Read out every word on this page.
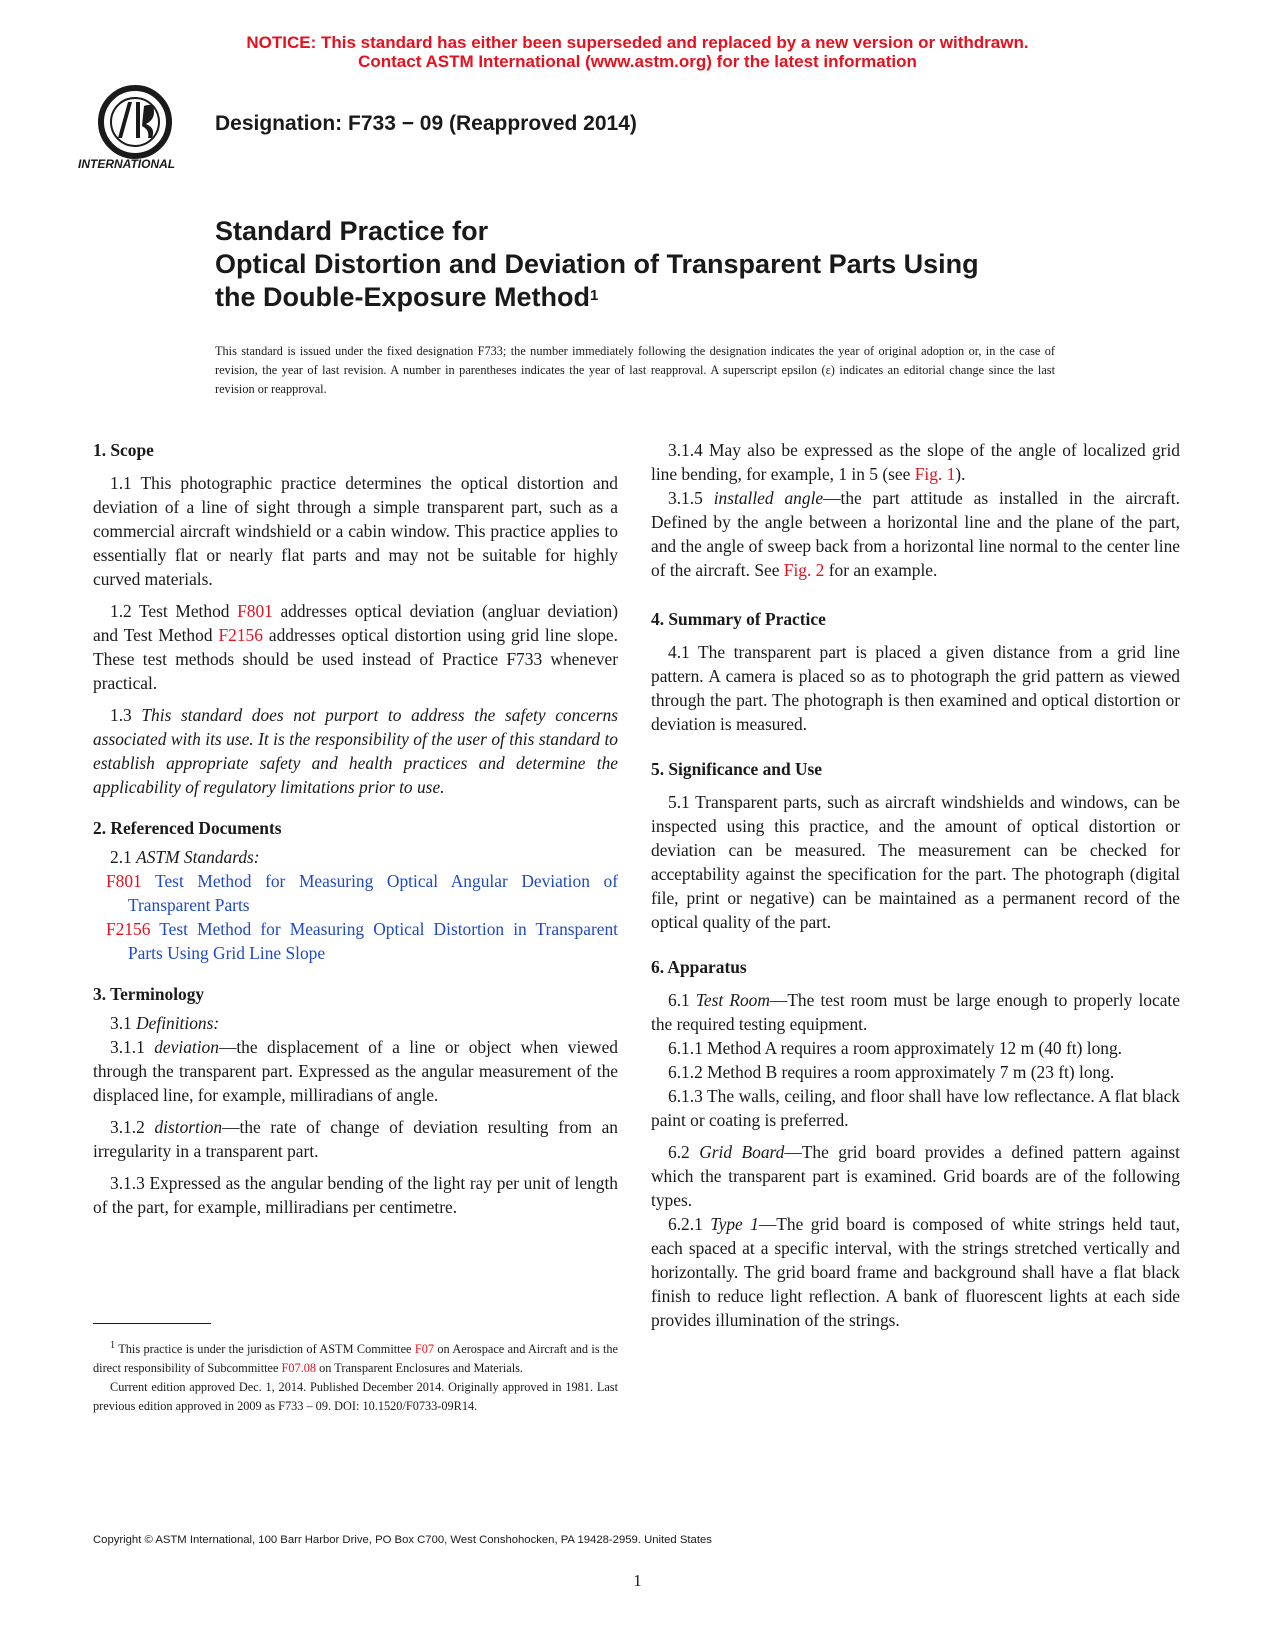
NOTICE: This standard has either been superseded and replaced by a new version or withdrawn.
Contact ASTM International (www.astm.org) for the latest information
INTERNATIONAL
Designation: F733 − 09 (Reapproved 2014)
Standard Practice for
Optical Distortion and Deviation of Transparent Parts Using
the Double-Exposure Method$^1$
This standard is issued under the fixed designation F733; the number immediately following the designation indicates the year of original adoption or, in the case of revision, the year of last revision. A number in parentheses indicates the year of last reapproval. A superscript epsilon (ε) indicates an editorial change since the last revision or reapproval.
1. Scope

1.1 This photographic practice determines the optical distortion and deviation of a line of sight through a simple transparent part, such as a commercial aircraft windshield or a cabin window. This practice applies to essentially flat or nearly flat parts and may not be suitable for highly curved materials.

1.2 Test Method F801 addresses optical deviation (angluar deviation) and Test Method F2156 addresses optical distortion using grid line slope. These test methods should be used instead of Practice F733 whenever practical.

1.3 This standard does not purport to address the safety concerns associated with its use. It is the responsibility of the user of this standard to establish appropriate safety and health practices and determine the applicability of regulatory limitations prior to use.

2. Referenced Documents

2.1 ASTM Standards:

F801 Test Method for Measuring Optical Angular Deviation of Transparent Parts

F2156 Test Method for Measuring Optical Distortion in Transparent Parts Using Grid Line Slope

3. Terminology

3.1 Definitions:

3.1.1 deviation—the displacement of a line or object when viewed through the transparent part. Expressed as the angular measurement of the displaced line, for example, milliradians of angle.

3.1.2 distortion—the rate of change of deviation resulting from an irregularity in a transparent part.

3.1.3 Expressed as the angular bending of the light ray per unit of length of the part, for example, milliradians per centimetre.

$^1$ This practice is under the jurisdiction of ASTM Committee F07 on Aerospace and Aircraft and is the direct responsibility of Subcommittee F07.08 on Transparent Enclosures and Materials.

Current edition approved Dec. 1, 2014. Published December 2014. Originally approved in 1981. Last previous edition approved in 2009 as F733 – 09. DOI: 10.1520/F0733-09R14.

3.1.4 May also be expressed as the slope of the angle of localized grid line bending, for example, 1 in 5 (see Fig. 1).

3.1.5 installed angle—the part attitude as installed in the aircraft. Defined by the angle between a horizontal line and the plane of the part, and the angle of sweep back from a horizontal line normal to the center line of the aircraft. See Fig. 2 for an example.

4. Summary of Practice

4.1 The transparent part is placed a given distance from a grid line pattern. A camera is placed so as to photograph the grid pattern as viewed through the part. The photograph is then examined and optical distortion or deviation is measured.

5. Significance and Use

5.1 Transparent parts, such as aircraft windshields and windows, can be inspected using this practice, and the amount of optical distortion or deviation can be measured. The measurement can be checked for acceptability against the specification for the part. The photograph (digital file, print or negative) can be maintained as a permanent record of the optical quality of the part.

6. Apparatus

6.1 Test Room—The test room must be large enough to properly locate the required testing equipment.

6.1.1 Method A requires a room approximately 12 m (40 ft) long.

6.1.2 Method B requires a room approximately 7 m (23 ft) long.

6.1.3 The walls, ceiling, and floor shall have low reflectance. A flat black paint or coating is preferred.

6.2 Grid Board—The grid board provides a defined pattern against which the transparent part is examined. Grid boards are of the following types.

6.2.1 Type 1—The grid board is composed of white strings held taut, each spaced at a specific interval, with the strings stretched vertically and horizontally. The grid board frame and background shall have a flat black finish to reduce light reflection. A bank of fluorescent lights at each side provides illumination of the strings.

Copyright © ASTM International, 100 Barr Harbor Drive, PO Box C700, West Conshohocken, PA 19428-2959. United States
1
